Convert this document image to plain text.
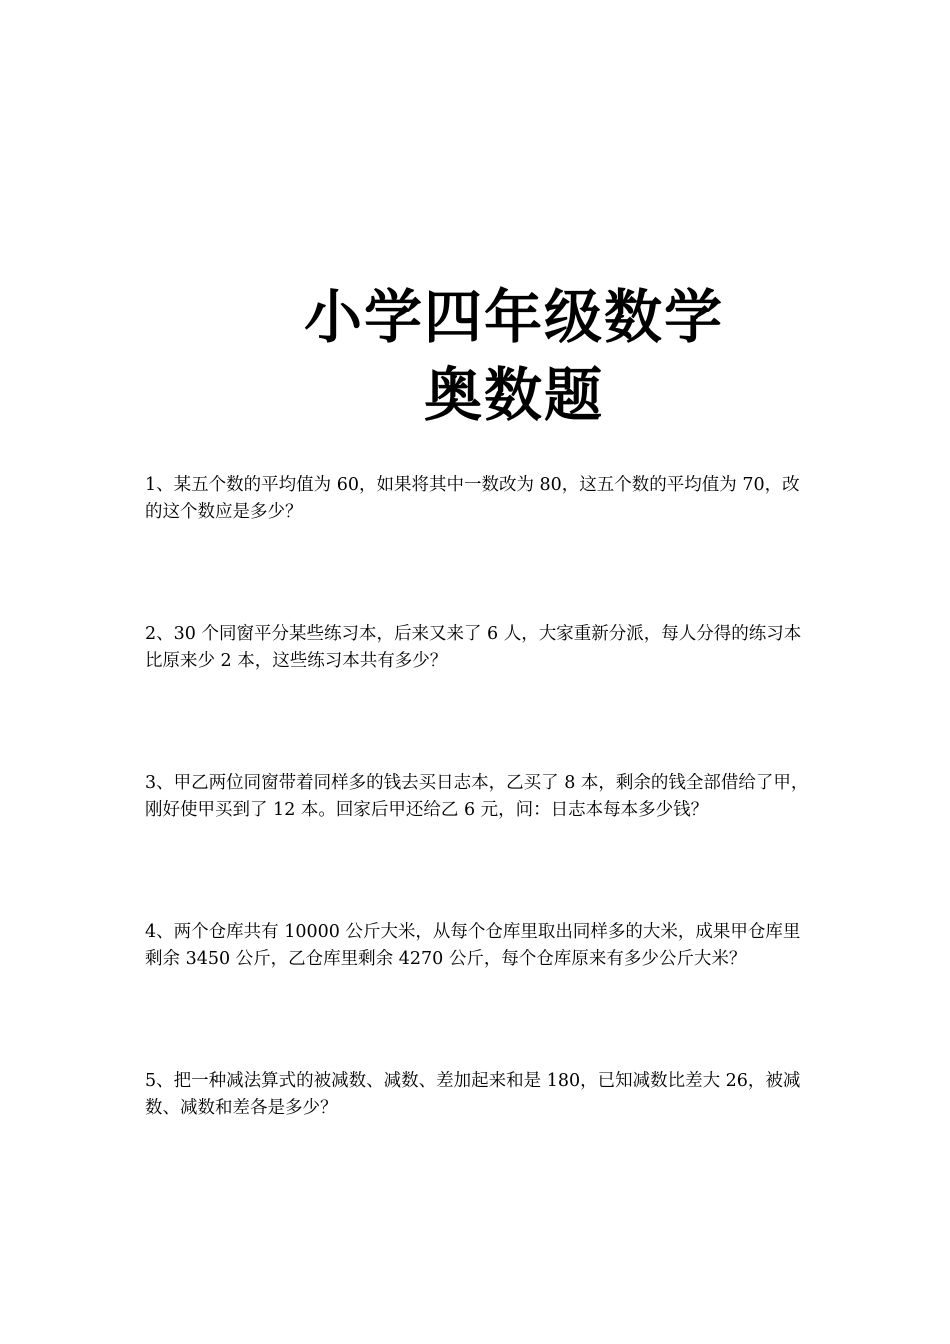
小学四年级数学
奥数题
1、某五个数的平均值为 60，如果将其中一数改为 80，这五个数的平均值为 70，改的这个数应是多少？
2、30 个同窗平分某些练习本，后来又来了 6 人，大家重新分派，每人分得的练习本比原来少 2 本，这些练习本共有多少？
3、甲乙两位同窗带着同样多的钱去买日志本，乙买了 8 本，剩余的钱全部借给了甲，刚好使甲买到了 12 本。回家后甲还给乙 6 元，问：日志本每本多少钱？
4、两个仓库共有 10000 公斤大米，从每个仓库里取出同样多的大米，成果甲仓库里剩余 3450 公斤，乙仓库里剩余 4270 公斤，每个仓库原来有多少公斤大米？
5、把一种减法算式的被减数、减数、差加起来和是 180，已知减数比差大 26，被减数、减数和差各是多少？
